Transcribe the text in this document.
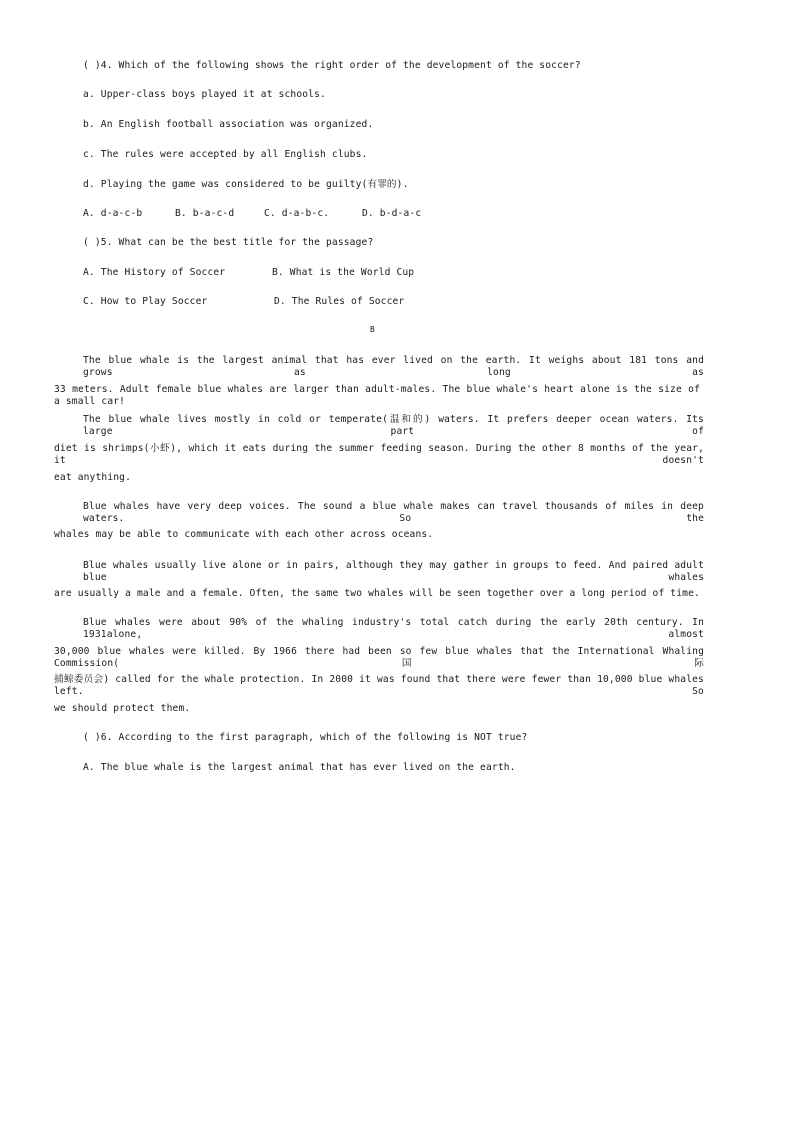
( )4. Which of the following shows the right order of the development of the soccer?
a. Upper-class boys played it at schools.
b. An English football association was organized.
c. The rules were accepted by all English clubs.
d. Playing the game was considered to be guilty(有罪的).
A. d-a-c-b	B. b-a-c-d	C. d-a-b-c.	D. b-d-a-c
( )5. What can be the best title for the passage?
A. The History of Soccer	B. What is the World Cup
C. How to Play Soccer	D. The Rules of Soccer
B
The blue whale is the largest animal that has ever lived on the earth. It weighs about 181 tons and grows as long as
33 meters. Adult female blue whales are larger than adult-males. The blue whale's heart alone is the size of a small car!
The blue whale lives mostly in cold or temperate(温和的) waters. It prefers deeper ocean waters. Its large part of
diet is shrimps(小虾), which it eats during the summer feeding season. During the other 8 months of the year, it doesn't
eat anything.
Blue whales have very deep voices. The sound a blue whale makes can travel thousands of miles in deep waters. So the
whales may be able to communicate with each other across oceans.
Blue whales usually live alone or in pairs, although they may gather in groups to feed. And paired adult blue whales
are usually a male and a female. Often, the same two whales will be seen together over a long period of time.
Blue whales were about 90% of the whaling industry's total catch during the early 20th century. In 1931alone, almost
30,000 blue whales were killed. By 1966 there had been so few blue whales that the International Whaling Commission(国际
捕鲸委员会) called for the whale protection. In 2000 it was found that there were fewer than 10,000 blue whales left. So
we should protect them.
( )6. According to the first paragraph, which of the following is NOT true?
A. The blue whale is the largest animal that has ever lived on the earth.
